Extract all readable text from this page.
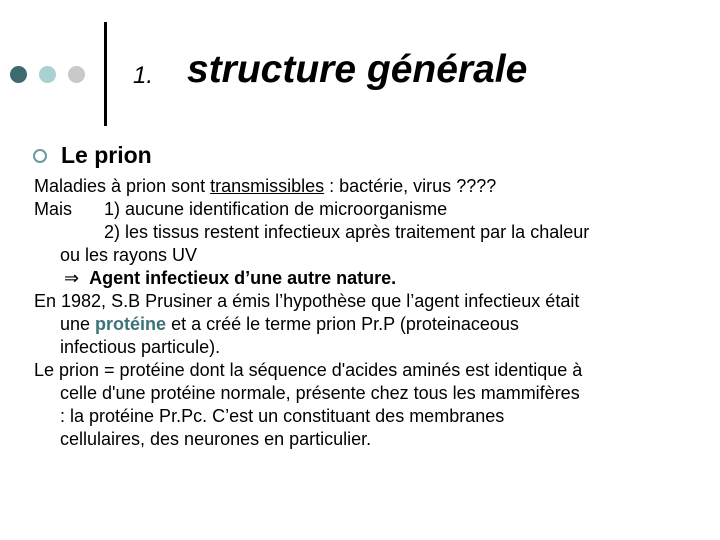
1. structure générale
Le prion
Maladies à prion sont transmissibles : bactérie, virus ????
Mais 1) aucune identification de microorganisme
2) les tissus restent infectieux après traitement par la chaleur
ou les rayons UV
⇒ Agent infectieux d’une autre nature.
En 1982, S.B Prusiner a émis l’hypothèse que l’agent infectieux était
une protéine et a créé le terme prion Pr.P (proteinaceous
infectious particule).
Le prion = protéine dont la séquence d'acides aminés est identique à
celle d'une protéine normale, présente chez tous les mammifères
: la protéine Pr.Pc. C’est un constituant des membranes
cellulaires, des neurones en particulier.
